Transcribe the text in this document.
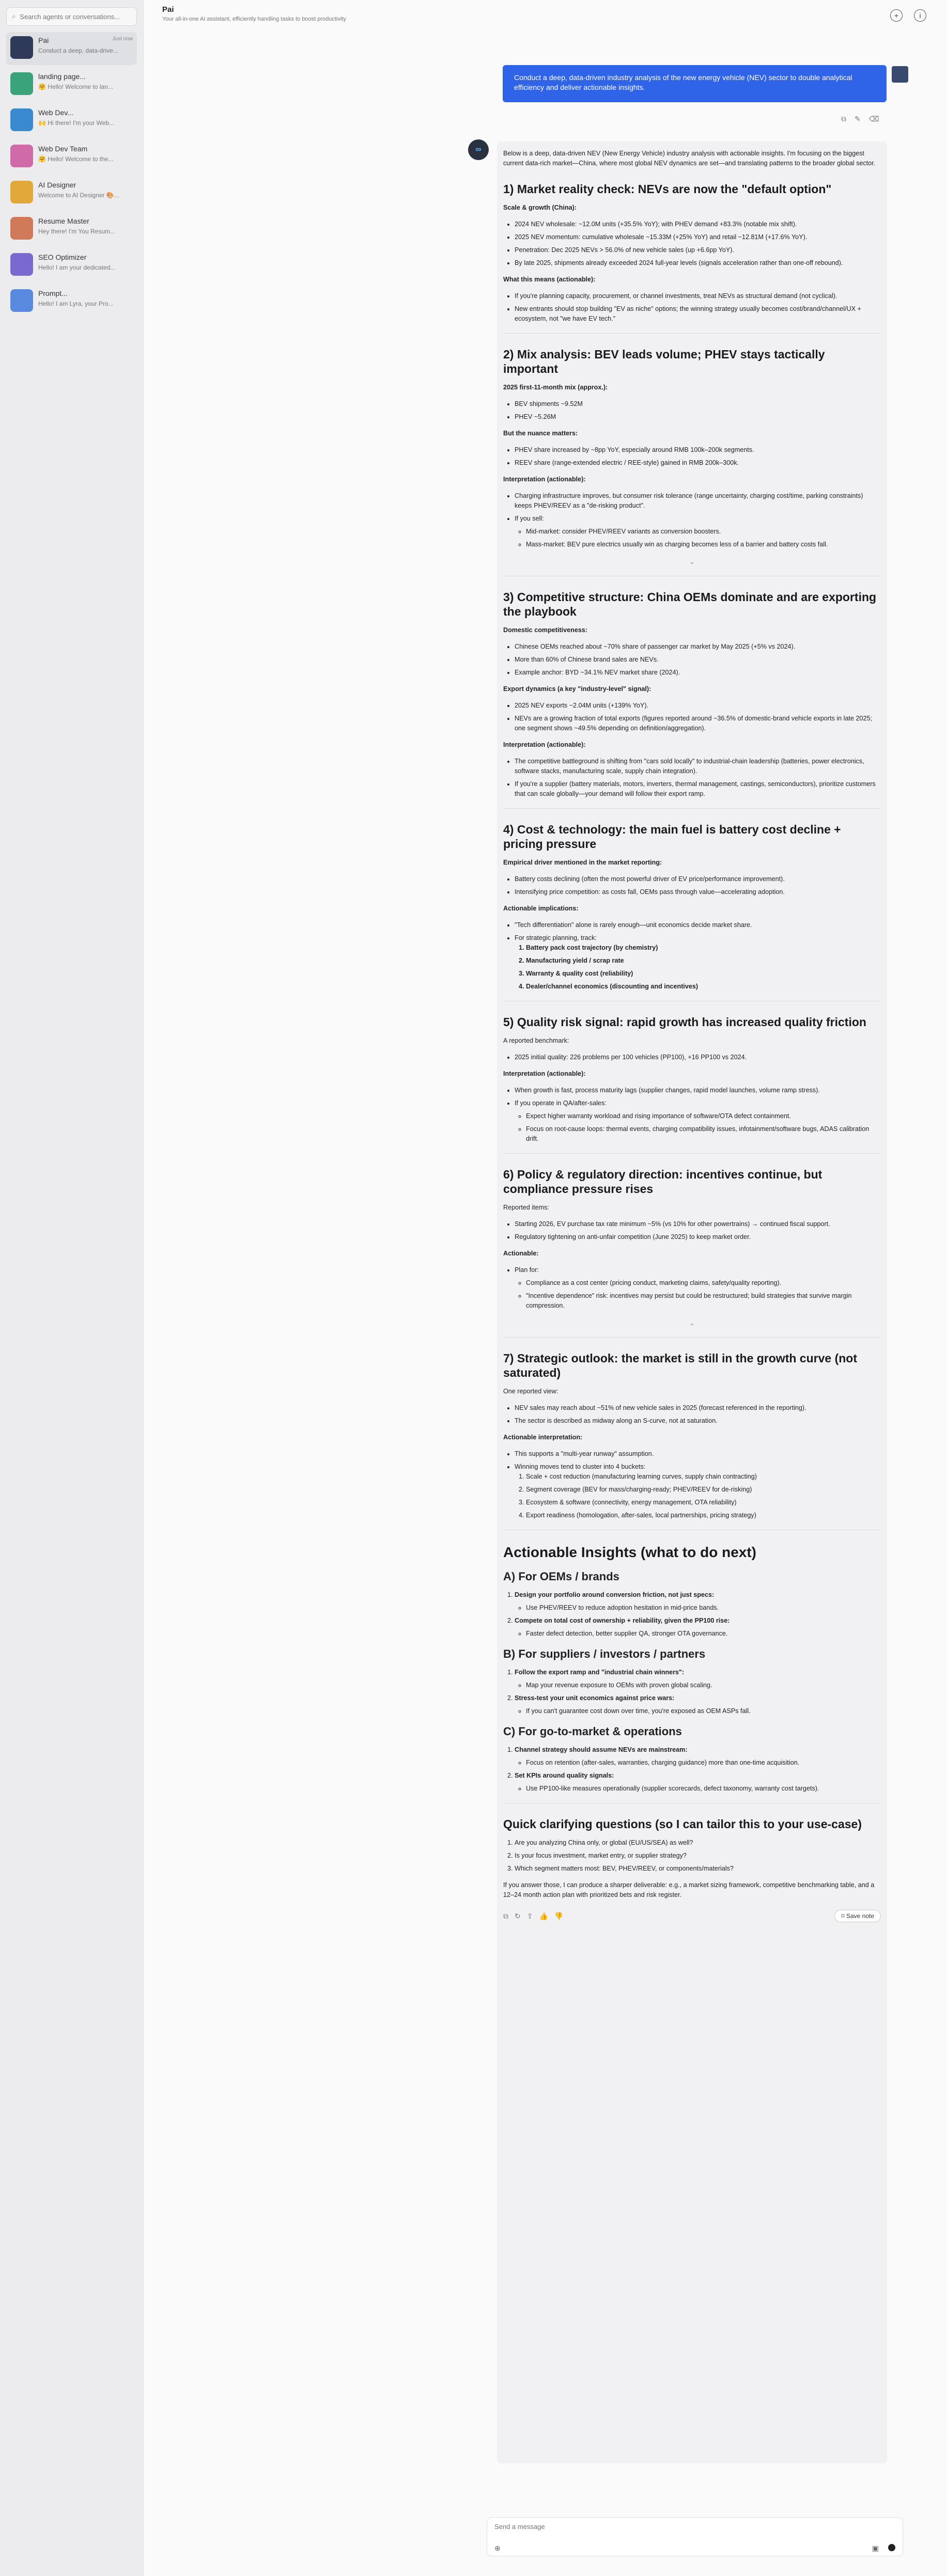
⌕
Search agents or conversations...
Pai	Just now
Conduct a deep, data-drive...
landing page...
🤗 Hello! Welcome to lan...
Web Dev...
🙌 Hi there! I'm your Web...
Web Dev Team
🤗 Hello! Welcome to the...
AI Designer
Welcome to AI Designer 🎨...
Resume Master
Hey there! I'm You Resum...
SEO Optimizer
Hello! I am your dedicated...
Prompt...
Hello! I am Lyra, your Pro...
Pai
Your all-in-one AI assistant, efficiently handling tasks to boost productivity	+	i
Conduct a deep, data-driven industry analysis of the new energy vehicle (NEV) sector to double analytical efficiency and deliver actionable insights.
⧉ ✎ ⌫
∞	Below is a deep, data-driven NEV (New Energy Vehicle) industry analysis with actionable insights. I'm focusing on the biggest current data-rich market—China, where most global NEV dynamics are set—and translating patterns to the broader global sector.

1) Market reality check: NEVs are now the "default option"
Scale & growth (China):
• 2024 NEV wholesale: ~12.0M units (+35.5% YoY); with PHEV demand +83.3% (notable mix shift).
• 2025 NEV momentum: cumulative wholesale ~15.33M (+25% YoY) and retail ~12.81M (+17.6% YoY).
• Penetration: Dec 2025 NEVs > 56.0% of new vehicle sales (up +6.6pp YoY).
• By late 2025, shipments already exceeded 2024 full-year levels (signals acceleration rather than one-off rebound).
What this means (actionable):
• If you're planning capacity, procurement, or channel investments, treat NEVs as structural demand (not cyclical).
• New entrants should stop building "EV as niche" options; the winning strategy usually becomes cost/brand/channel/UX + ecosystem, not "we have EV tech."
2) Mix analysis: BEV leads volume; PHEV stays tactically important
2025 first-11-month mix (approx.):
• BEV shipments ~9.52M
• PHEV ~5.26M
But the nuance matters:
• PHEV share increased by ~8pp YoY, especially around RMB 100k–200k segments.
• REEV share (range-extended electric / REE-style) gained in RMB 200k–300k.
Interpretation (actionable):
• Charging infrastructure improves, but consumer risk tolerance (range uncertainty, charging cost/time, parking constraints) keeps PHEV/REEV as a "de-risking product".
• If you sell:
◦ Mid-market: consider PHEV/REEV variants as conversion boosters.
◦ Mass-market: BEV pure electrics usually win as charging becomes less of a barrier and battery costs fall.
⌄
3) Competitive structure: China OEMs dominate and are exporting the playbook
Domestic competitiveness:
• Chinese OEMs reached about ~70% share of passenger car market by May 2025 (+5% vs 2024).
• More than 60% of Chinese brand sales are NEVs.
• Example anchor: BYD ~34.1% NEV market share (2024).
Export dynamics (a key "industry-level" signal):
• 2025 NEV exports ~2.04M units (+139% YoY).
• NEVs are a growing fraction of total exports (figures reported around ~36.5% of domestic-brand vehicle exports in late 2025; one segment shows ~49.5% depending on definition/aggregation).
Interpretation (actionable):
• The competitive battleground is shifting from "cars sold locally" to industrial-chain leadership (batteries, power electronics, software stacks, manufacturing scale, supply chain integration).
• If you're a supplier (battery materials, motors, inverters, thermal management, castings, semiconductors), prioritize customers that can scale globally—your demand will follow their export ramp.
4) Cost & technology: the main fuel is battery cost decline + pricing pressure
Empirical driver mentioned in the market reporting:
• Battery costs declining (often the most powerful driver of EV price/performance improvement).
• Intensifying price competition: as costs fall, OEMs pass through value—accelerating adoption.
Actionable implications:
• "Tech differentiation" alone is rarely enough—unit economics decide market share.
• For strategic planning, track:
1. Battery pack cost trajectory (by chemistry)
2. Manufacturing yield / scrap rate
3. Warranty & quality cost (reliability)
4. Dealer/channel economics (discounting and incentives)
5) Quality risk signal: rapid growth has increased quality friction
A reported benchmark:
• 2025 initial quality: 226 problems per 100 vehicles (PP100), +16 PP100 vs 2024.
Interpretation (actionable):
• When growth is fast, process maturity lags (supplier changes, rapid model launches, volume ramp stress).
• If you operate in QA/after-sales:
◦ Expect higher warranty workload and rising importance of software/OTA defect containment.
◦ Focus on root-cause loops: thermal events, charging compatibility issues, infotainment/software bugs, ADAS calibration drift.
6) Policy & regulatory direction: incentives continue, but compliance pressure rises
Reported items:
• Starting 2026, EV purchase tax rate minimum ~5% (vs 10% for other powertrains) → continued fiscal support.
• Regulatory tightening on anti-unfair competition (June 2025) to keep market order.
Actionable:
• Plan for:
◦ Compliance as a cost center (pricing conduct, marketing claims, safety/quality reporting).
◦ "Incentive dependence" risk: incentives may persist but could be restructured; build strategies that survive margin compression.
⌄
7) Strategic outlook: the market is still in the growth curve (not saturated)
One reported view:
• NEV sales may reach about ~51% of new vehicle sales in 2025 (forecast referenced in the reporting).
• The sector is described as midway along an S-curve, not at saturation.
Actionable interpretation:
• This supports a "multi-year runway" assumption.
• Winning moves tend to cluster into 4 buckets:
1. Scale + cost reduction (manufacturing learning curves, supply chain contracting)
2. Segment coverage (BEV for mass/charging-ready; PHEV/REEV for de-risking)
3. Ecosystem & software (connectivity, energy management, OTA reliability)
4. Export readiness (homologation, after-sales, local partnerships, pricing strategy)
Actionable Insights (what to do next)
A) For OEMs / brands
1. Design your portfolio around conversion friction, not just specs:
◦ Use PHEV/REEV to reduce adoption hesitation in mid-price bands.
2. Compete on total cost of ownership + reliability, given the PP100 rise:
◦ Faster defect detection, better supplier QA, stronger OTA governance.
B) For suppliers / investors / partners
1. Follow the export ramp and "industrial chain winners":
◦ Map your revenue exposure to OEMs with proven global scaling.
2. Stress-test your unit economics against price wars:
◦ If you can't guarantee cost down over time, you're exposed as OEM ASPs fall.
C) For go-to-market & operations
1. Channel strategy should assume NEVs are mainstream:
◦ Focus on retention (after-sales, warranties, charging guidance) more than one-time acquisition.
2. Set KPIs around quality signals:
◦ Use PP100-like measures operationally (supplier scorecards, defect taxonomy, warranty cost targets).
Quick clarifying questions (so I can tailor this to your use-case)
1. Are you analyzing China only, or global (EU/US/SEA) as well?
2. Is your focus investment, market entry, or supplier strategy?
3. Which segment matters most: BEV, PHEV/REEV, or components/materials?

If you answer those, I can produce a sharper deliverable: e.g., a market sizing framework, competitive benchmarking table, and a 12–24 month action plan with prioritized bets and risk register.

⧉ ↻ ⇪ 👍 👎	⌑ Save note
Send a message
⊕	▣
